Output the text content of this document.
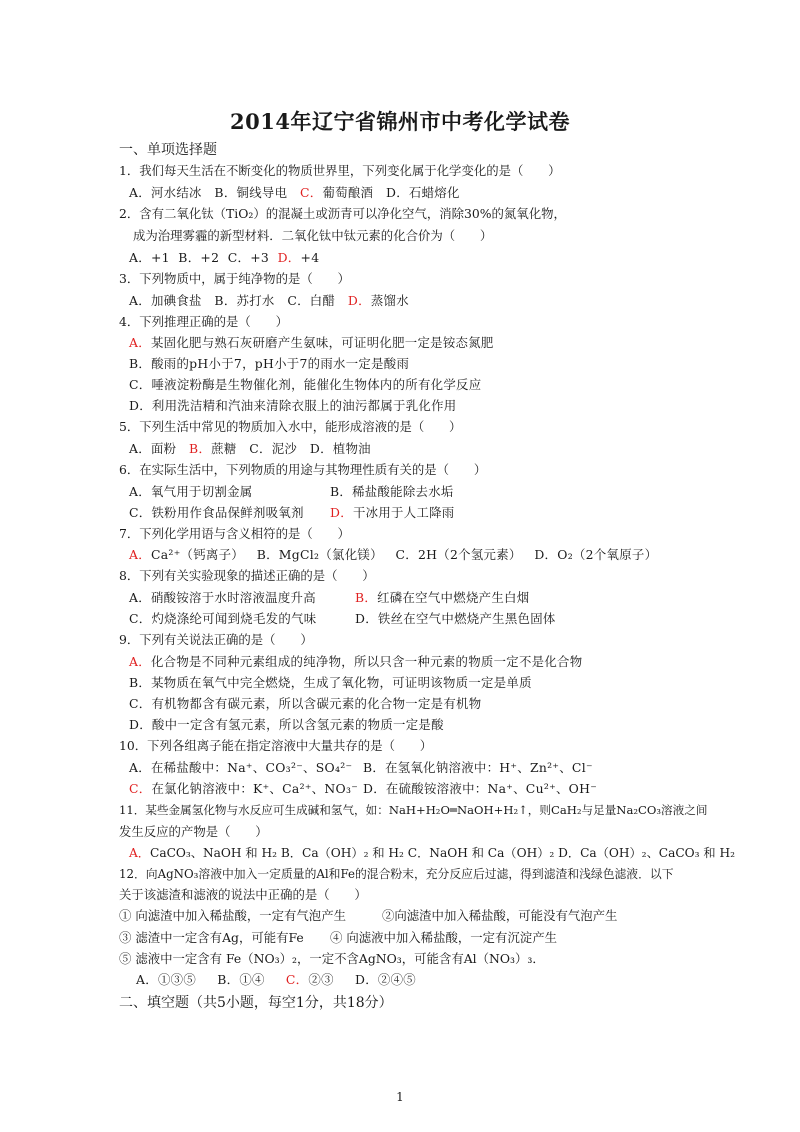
2014年辽宁省锦州市中考化学试卷
一、单项选择题
1．我们每天生活在不断变化的物质世界里，下列变化属于化学变化的是（　　）
A．河水结冰 B．铜线导电 C．葡萄酿酒 D．石蜡熔化
2．含有二氧化钛（TiO₂）的混凝土或沥青可以净化空气，消除30%的氮氧化物，
成为治理雾霾的新型材料．二氧化钛中钛元素的化合价为（　　）
A．+1 B．+2 C．+3 D．+4
3．下列物质中，属于纯净物的是（　　）
A．加碘食盐 B．苏打水 C．白醋 D．蒸馏水
4．下列推理正确的是（　　）
A．某固化肥与熟石灰研磨产生氨味，可证明化肥一定是铵态氮肥
B．酸雨的pH小于7，pH小于7的雨水一定是酸雨
C．唾液淀粉酶是生物催化剂，能催化生物体内的所有化学反应
D．利用洗洁精和汽油来清除衣服上的油污都属于乳化作用
5．下列生活中常见的物质加入水中，能形成溶液的是（　　）
A．面粉 B．蔗糖 C．泥沙 D．植物油
6．在实际生活中，下列物质的用途与其物理性质有关的是（　　）
A．氧气用于切割金属	B．稀盐酸能除去水垢
C．铁粉用作食品保鲜剂吸氧剂 D．干冰用于人工降雨
7．下列化学用语与含义相符的是（　　）
A．Ca²⁺（钙离子） B．MgCl₂（氯化镁） C．2H（2个氢元素） D．O₂（2个氧原子）
8．下列有关实验现象的描述正确的是（　　）
A．硝酸铵溶于水时溶液温度升高	B．红磷在空气中燃烧产生白烟
C．灼烧涤纶可闻到烧毛发的气味	D．铁丝在空气中燃烧产生黑色固体
9．下列有关说法正确的是（　　）
A．化合物是不同种元素组成的纯净物，所以只含一种元素的物质一定不是化合物
B．某物质在氧气中完全燃烧，生成了氧化物，可证明该物质一定是单质
C．有机物都含有碳元素，所以含碳元素的化合物一定是有机物
D．酸中一定含有氢元素，所以含氢元素的物质一定是酸
10．下列各组离子能在指定溶液中大量共存的是（　　）
A．在稀盐酸中：Na⁺、CO₃²⁻、SO₄²⁻ B．在氢氧化钠溶液中：H⁺、Zn²⁺、Cl⁻
C．在氯化钠溶液中：K⁺、Ca²⁺、NO₃⁻ D．在硫酸铵溶液中：Na⁺、Cu²⁺、OH⁻
11．某些金属氢化物与水反应可生成碱和氢气，如：NaH+H₂O═NaOH+H₂↑，则CaH₂与足量Na₂CO₃溶液之间
发生反应的产物是（　　）
A．CaCO₃、NaOH 和 H₂ B．Ca（OH）₂ 和 H₂ C．NaOH 和 Ca（OH）₂ D．Ca（OH）₂、CaCO₃ 和 H₂
12．向AgNO₃溶液中加入一定质量的Al和Fe的混合粉末，充分反应后过滤，得到滤渣和浅绿色滤液．以下
关于该滤渣和滤液的说法中正确的是（　　）
① 向滤渣中加入稀盐酸，一定有气泡产生	②向滤渣中加入稀盐酸，可能没有气泡产生
③ 滤渣中一定含有Ag，可能有Fe ④ 向滤液中加入稀盐酸，一定有沉淀产生
⑤ 滤液中一定含有 Fe（NO₃）₂，一定不含AgNO₃，可能含有Al（NO₃）₃．
A．①③⑤ B．①④ C．②③ D．②④⑤
二、填空题（共5小题，每空1分，共18分）
1
